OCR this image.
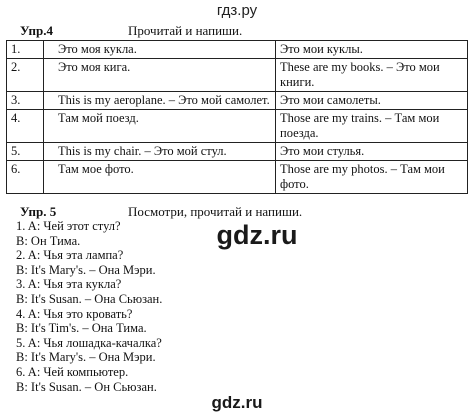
гдз.ру
Упр.4	Прочитай и напиши.
1.	Это моя кукла.	Это мои куклы.
2.	Это моя кига.	These are my books. – Это мои книги.
3.	This is my aeroplane. – Это мой самолет.	Это мои самолеты.
4.	Там мой поезд.	Those are my trains. – Там мои поезда.
5.	This is my chair. – Это мой стул.	Это мои стулья.
6.	Там мое фото.	Those are my photos. – Там мои фото.
Упр. 5	Посмотри, прочитай и напиши.
1. A: Чей этот стул?
B: Он Тима.
2. A: Чья эта лампа?
B: It's Mary's. – Она Мэри.
3. A: Чья эта кукла?
B: It's Susan. – Она Сьюзан.
4. A: Чья это кровать?
B: It's Tim's. – Она Тима.
5. A: Чья лошадка-качалка?
B: It's Mary's. – Она Мэри.
6. A: Чей компьютер.
B: It's Susan. – Он Сьюзан.
gdz.ru
gdz.ru
